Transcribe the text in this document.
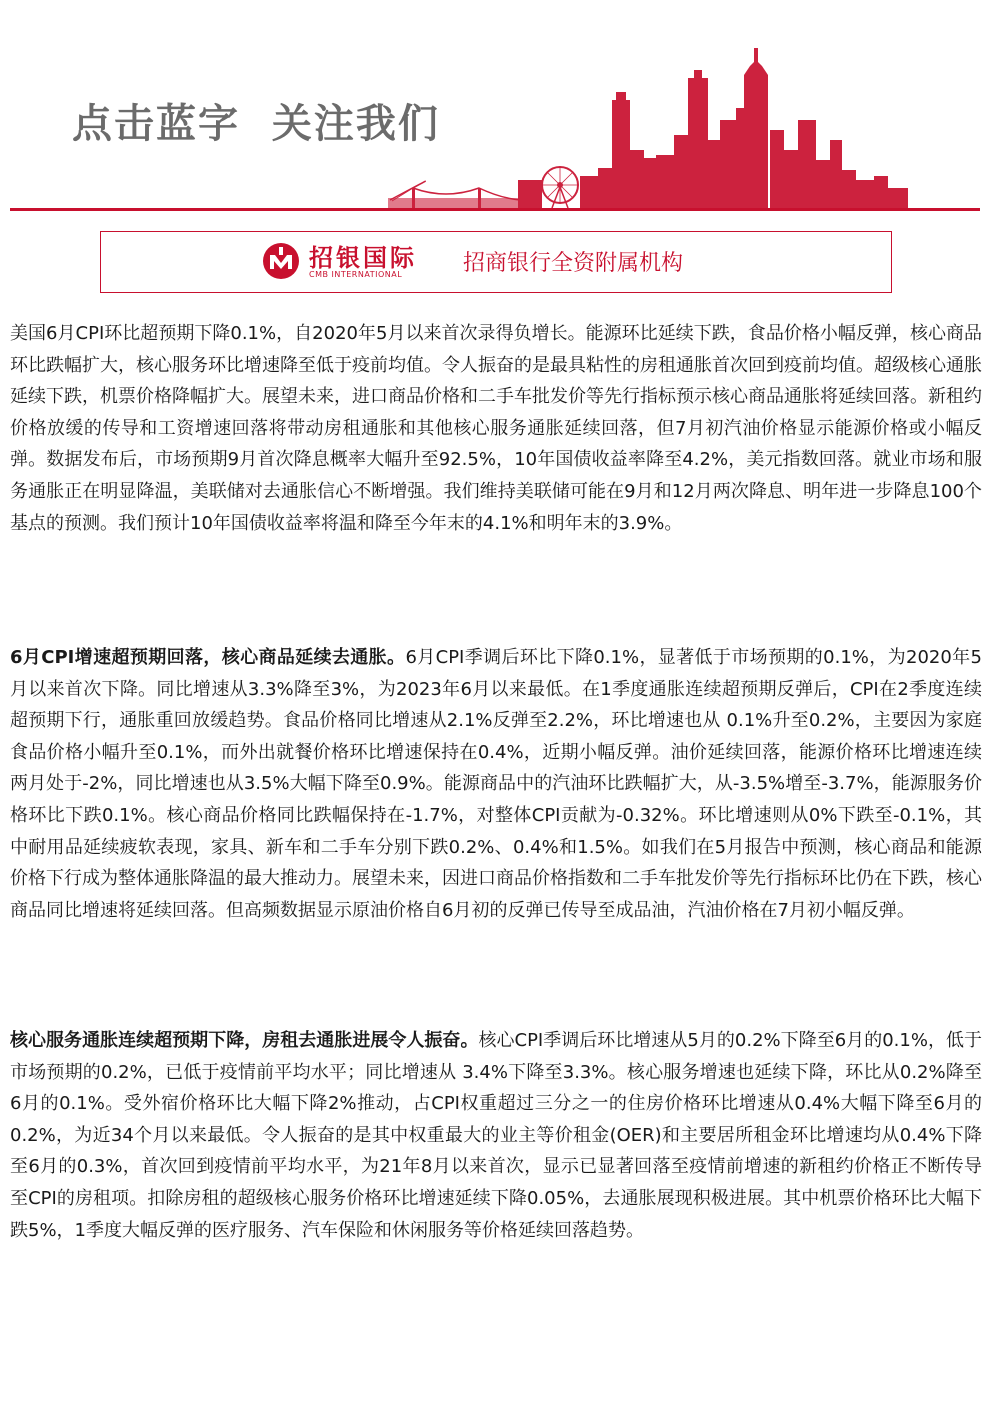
点击蓝字  关注我们
招银国际
CMB INTERNATIONAL	招商银行全资附属机构

美国6月CPI环比超预期下降0.1%，自2020年5月以来首次录得负增长。能源环比延续下跌，食品价格小幅反弹，核心商品环比跌幅扩大，核心服务环比增速降至低于疫前均值。令人振奋的是最具粘性的房租通胀首次回到疫前均值。超级核心通胀延续下跌，机票价格降幅扩大。展望未来，进口商品价格和二手车批发价等先行指标预示核心商品通胀将延续回落。新租约价格放缓的传导和工资增速回落将带动房租通胀和其他核心服务通胀延续回落，但7月初汽油价格显示能源价格或小幅反弹。数据发布后，市场预期9月首次降息概率大幅升至92.5%，10年国债收益率降至4.2%，美元指数回落。就业市场和服务通胀正在明显降温，美联储对去通胀信心不断增强。我们维持美联储可能在9月和12月两次降息、明年进一步降息100个基点的预测。我们预计10年国债收益率将温和降至今年末的4.1%和明年末的3.9%。

6月CPI增速超预期回落，核心商品延续去通胀。6月CPI季调后环比下降0.1%，显著低于市场预期的0.1%，为2020年5月以来首次下降。同比增速从3.3%降至3%，为2023年6月以来最低。在1季度通胀连续超预期反弹后，CPI在2季度连续超预期下行，通胀重回放缓趋势。食品价格同比增速从2.1%反弹至2.2%，环比增速也从 0.1%升至0.2%，主要因为家庭食品价格小幅升至0.1%，而外出就餐价格环比增速保持在0.4%，近期小幅反弹。油价延续回落，能源价格环比增速连续两月处于-2%，同比增速也从3.5%大幅下降至0.9%。能源商品中的汽油环比跌幅扩大，从-3.5%增至-3.7%，能源服务价格环比下跌0.1%。核心商品价格同比跌幅保持在-1.7%，对整体CPI贡献为-0.32%。环比增速则从0%下跌至-0.1%，其中耐用品延续疲软表现，家具、新车和二手车分别下跌0.2%、0.4%和1.5%。如我们在5月报告中预测，核心商品和能源价格下行成为整体通胀降温的最大推动力。展望未来，因进口商品价格指数和二手车批发价等先行指标环比仍在下跌，核心商品同比增速将延续回落。但高频数据显示原油价格自6月初的反弹已传导至成品油，汽油价格在7月初小幅反弹。

核心服务通胀连续超预期下降，房租去通胀进展令人振奋。核心CPI季调后环比增速从5月的0.2%下降至6月的0.1%，低于市场预期的0.2%，已低于疫情前平均水平；同比增速从 3.4%下降至3.3%。核心服务增速也延续下降，环比从0.2%降至6月的0.1%。受外宿价格环比大幅下降2%推动，占CPI权重超过三分之一的住房价格环比增速从0.4%大幅下降至6月的0.2%，为近34个月以来最低。令人振奋的是其中权重最大的业主等价租金(OER)和主要居所租金环比增速均从0.4%下降至6月的0.3%，首次回到疫情前平均水平，为21年8月以来首次，显示已显著回落至疫情前增速的新租约价格正不断传导至CPI的房租项。扣除房租的超级核心服务价格环比增速延续下降0.05%，去通胀展现积极进展。其中机票价格环比大幅下跌5%，1季度大幅反弹的医疗服务、汽车保险和休闲服务等价格延续回落趋势。
